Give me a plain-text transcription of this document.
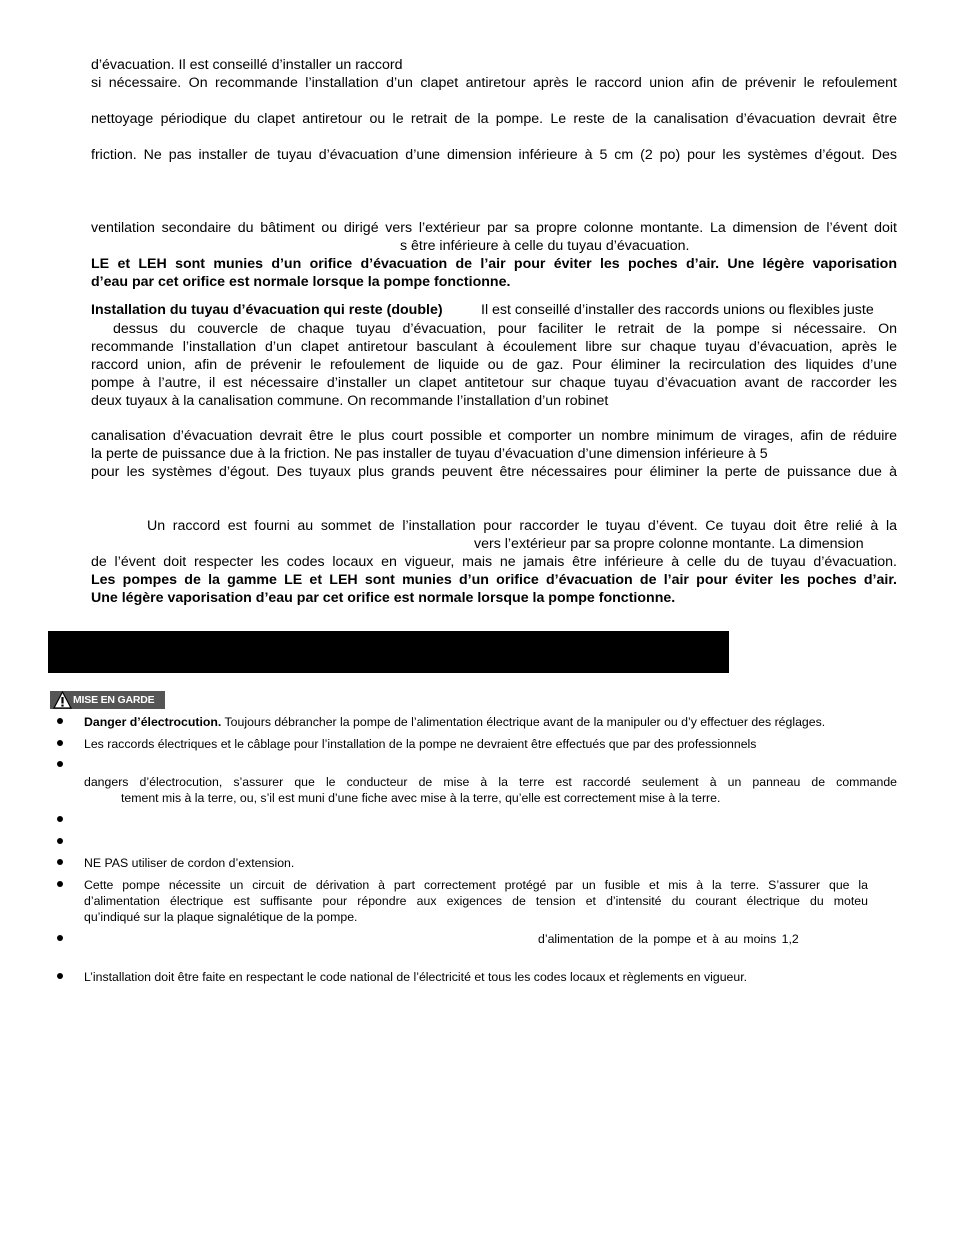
d’évacuation. Il est conseillé d’installer un raccord
si nécessaire. On recommande l’installation d’un clapet antiretour après le raccord union afin de prévenir le refoulement
nettoyage périodique du clapet antiretour ou le retrait de la pompe. Le reste de la canalisation d’évacuation devrait être
friction. Ne pas installer de tuyau d’évacuation d’une dimension inférieure à 5 cm (2 po) pour les systèmes d’égout. Des
ventilation secondaire du bâtiment ou dirigé vers l’extérieur par sa propre colonne montante. La dimension de l’évent doit
s être inférieure à celle du tuyau d’évacuation.
LE et LEH sont munies d’un orifice d’évacuation de l’air pour éviter les poches d’air. Une légère vaporisation
d’eau par cet orifice est normale lorsque la pompe fonctionne.
Installation du tuyau d’évacuation qui reste (double)	Il est conseillé d’installer des raccords unions ou flexibles juste
dessus du couvercle de chaque tuyau d’évacuation, pour faciliter le retrait de la pompe si nécessaire. On
recommande l’installation d’un clapet antiretour basculant à écoulement libre sur chaque tuyau d’évacuation, après le
raccord union, afin de prévenir le refoulement de liquide ou de gaz. Pour éliminer la recirculation des liquides d’une
pompe à l’autre, il est nécessaire d’installer un clapet antitetour sur chaque tuyau d’évacuation avant de raccorder les
deux tuyaux à la canalisation commune. On recommande l’installation d’un robinet
canalisation d’évacuation devrait être le plus court possible et comporter un nombre minimum de virages, afin de réduire
la perte de puissance due à la friction. Ne pas installer de tuyau d’évacuation d’une dimension inférieure à 5
pour les systèmes d’égout. Des tuyaux plus grands peuvent être nécessaires pour éliminer la perte de puissance due à
Un raccord est fourni au sommet de l’installation pour raccorder le tuyau d’évent. Ce tuyau doit être relié à la
vers l’extérieur par sa propre colonne montante. La dimension
de l’évent doit respecter les codes locaux en vigueur, mais ne jamais être inférieure à celle du de tuyau d’évacuation.
Les pompes de la gamme LE et LEH sont munies d’un orifice d’évacuation de l’air pour éviter les poches d’air.
Une légère vaporisation d’eau par cet orifice est normale lorsque la pompe fonctionne.
MISE EN GARDE
Danger d’électrocution. Toujours débrancher la pompe de l’alimentation électrique avant de la manipuler ou d’y effectuer des réglages.
Les raccords électriques et le câblage pour l’installation de la pompe ne devraient être effectués que par des professionnels
dangers d’électrocution, s’assurer que le conducteur de mise à la terre est raccordé seulement à un panneau de commande
tement mis à la terre, ou, s’il est muni d’une fiche avec mise à la terre, qu’elle est correctement mise à la terre.
NE PAS utiliser de cordon d’extension.
Cette pompe nécessite un circuit de dérivation à part correctement protégé par un fusible et mis à la terre. S’assurer que la
d’alimentation électrique est suffisante pour répondre aux exigences de tension et d’intensité du courant électrique du moteu
qu’indiqué sur la plaque signalétique de la pompe.
d’alimentation de la pompe et à au moins 1,2
L’installation doit être faite en respectant le code national de l’électricité et tous les codes locaux et règlements en vigueur.
